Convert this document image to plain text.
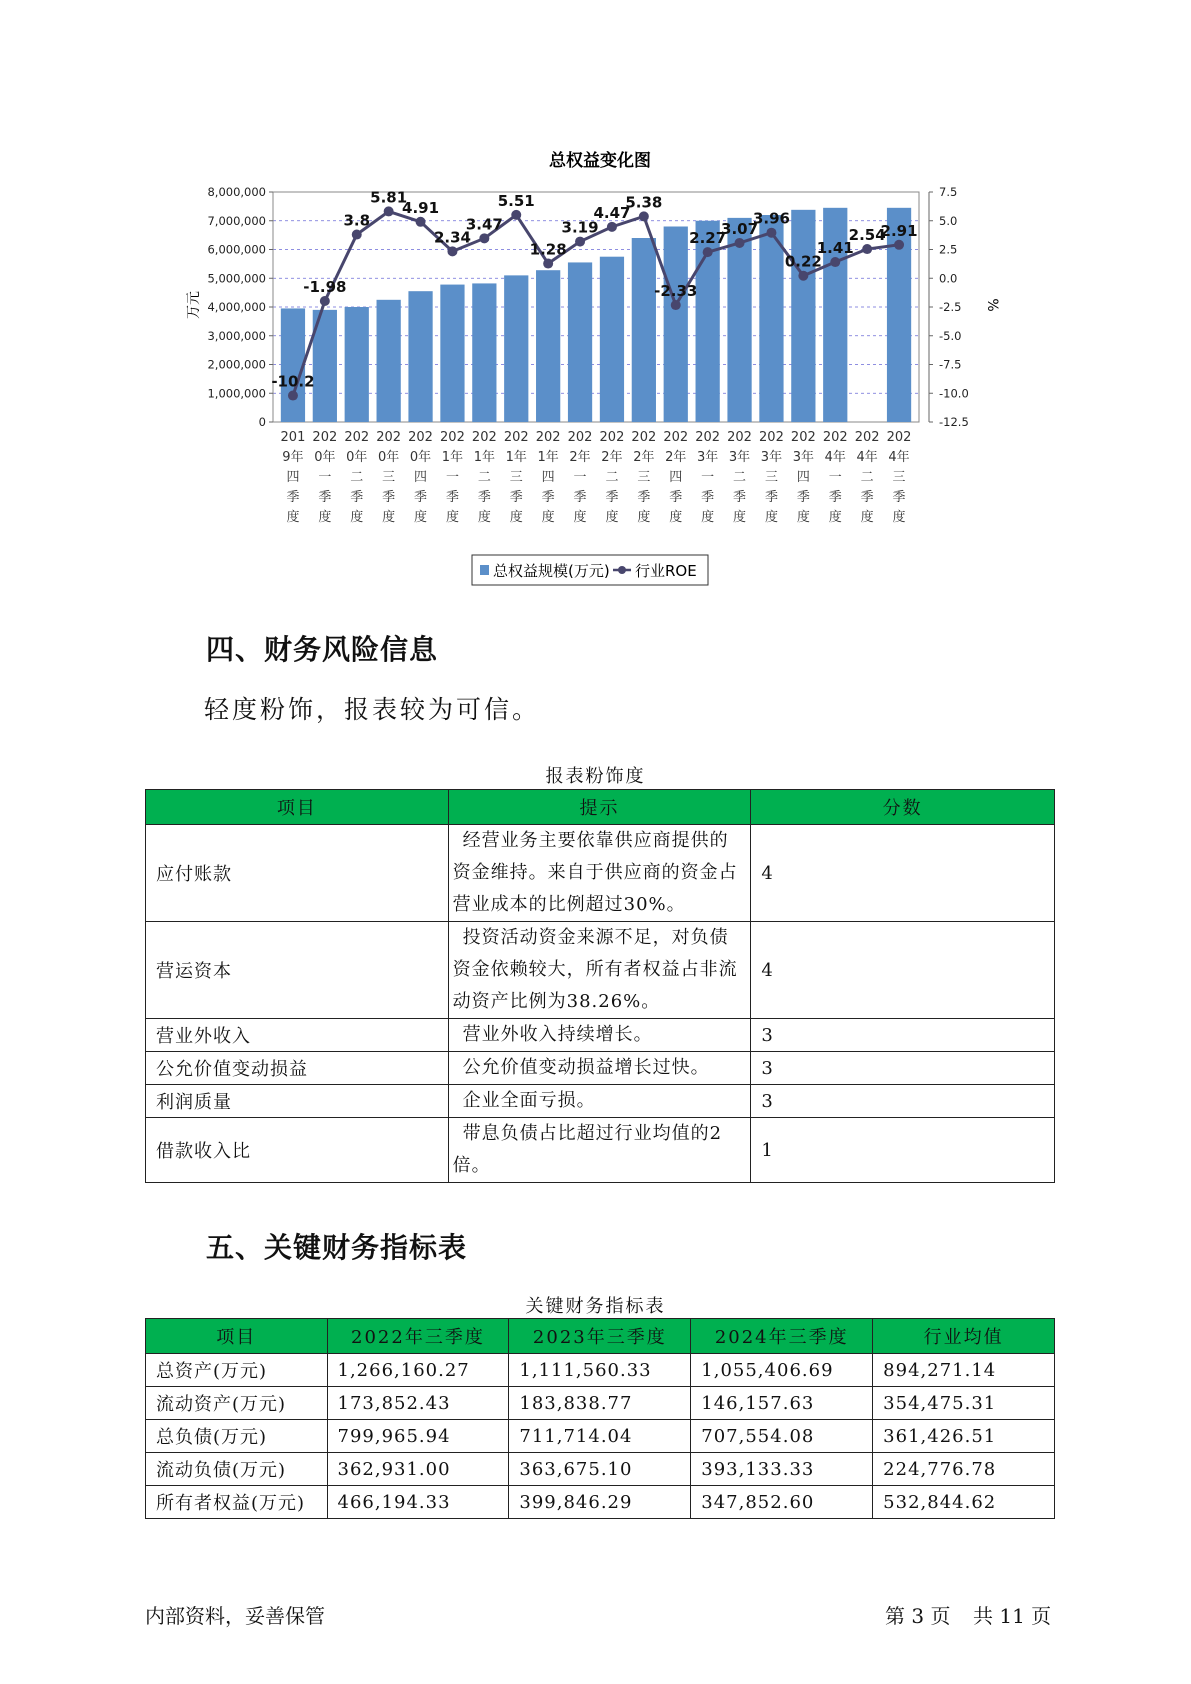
总权益变化图
0
1,000,000
2,000,000
3,000,000
4,000,000
5,000,000
6,000,000
7,000,000
8,000,000
-12.5
-10.0
-7.5
-5.0
-2.5
0.0
2.5
5.0
7.5
万元	%
-10.2
-1.98
3.8
5.81
4.91
2.34
3.47
5.51
1.28
3.19
4.47
5.38
-2.33
2.27
3.07
3.96
0.22
1.41
2.54
2.91
201
9年
四
季
度
202
0年
一
季
度
202
0年
二
季
度
202
0年
三
季
度
202
0年
四
季
度
202
1年
一
季
度
202
1年
二
季
度
202
1年
三
季
度
202
1年
四
季
度
202
2年
一
季
度
202
2年
二
季
度
202
2年
三
季
度
202
2年
四
季
度
202
3年
一
季
度
202
3年
二
季
度
202
3年
三
季
度
202
3年
四
季
度
202
4年
一
季
度
202
4年
二
季
度
202
4年
三
季
度
总权益规模(万元) 行业ROE
四、财务风险信息
轻度粉饰，报表较为可信。
报表粉饰度
项目	提示	分数
应付账款	经营业务主要依靠供应商提供的资金维持。来自于供应商的资金占营业成本的比例超过30%。	4
营运资本	投资活动资金来源不足，对负债资金依赖较大，所有者权益占非流动资产比例为38.26%。	4
营业外收入	营业外收入持续增长。	3
公允价值变动损益	公允价值变动损益增长过快。	3
利润质量	企业全面亏损。	3
借款收入比	带息负债占比超过行业均值的2倍。	1
五、关键财务指标表
关键财务指标表
项目	2022年三季度	2023年三季度	2024年三季度	行业均值
总资产(万元)	1,266,160.27	1,111,560.33	1,055,406.69	894,271.14
流动资产(万元)	173,852.43	183,838.77	146,157.63	354,475.31
总负债(万元)	799,965.94	711,714.04	707,554.08	361,426.51
流动负债(万元)	362,931.00	363,675.10	393,133.33	224,776.78
所有者权益(万元)	466,194.33	399,846.29	347,852.60	532,844.62
内部资料，妥善保管	第 3 页 共 11 页
